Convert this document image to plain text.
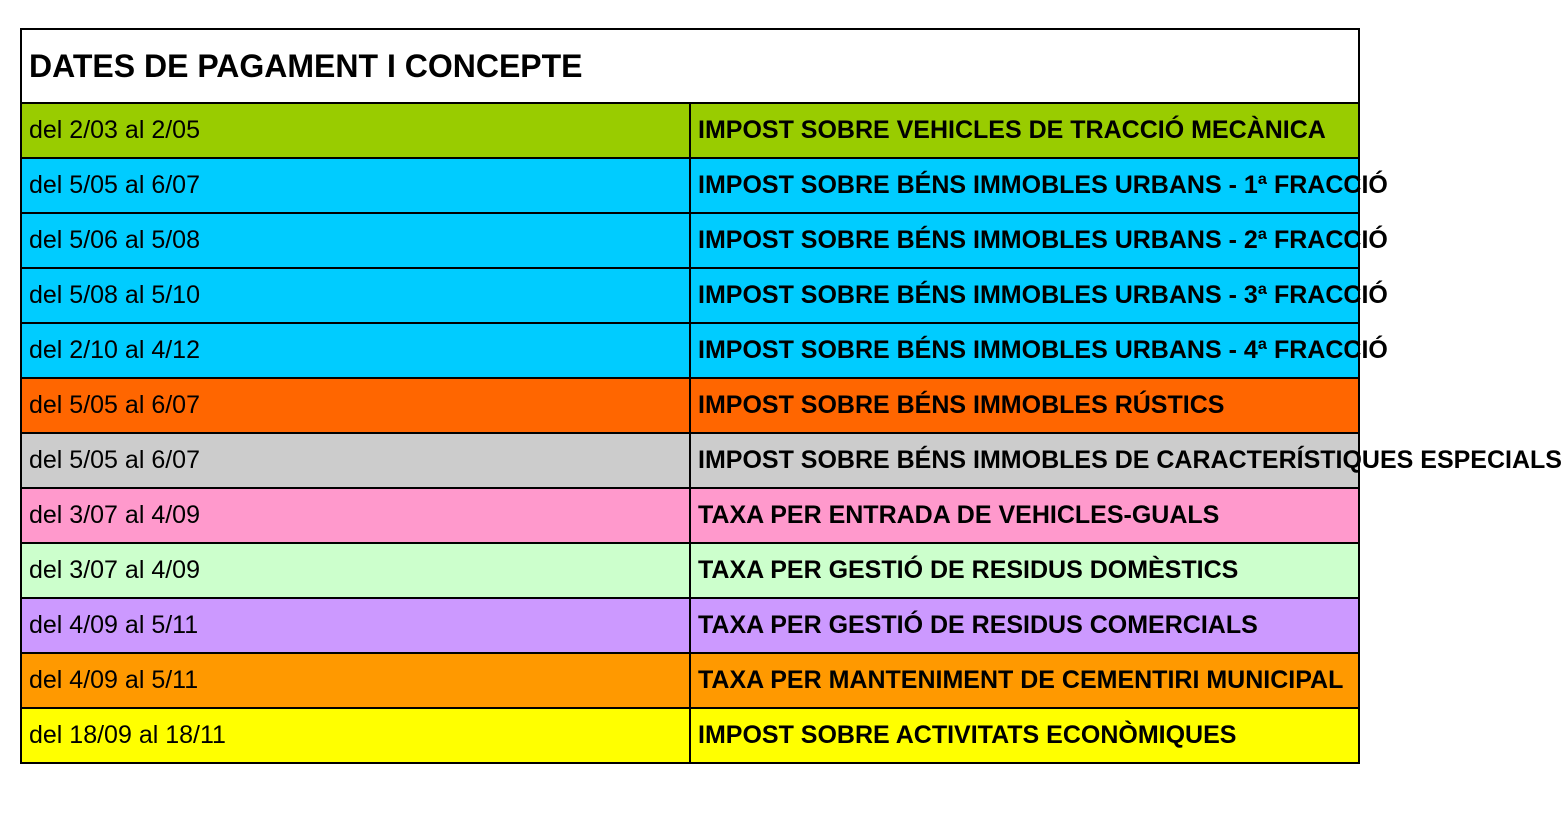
DATES DE PAGAMENT I CONCEPTE	
del 2/03 al 2/05	IMPOST SOBRE VEHICLES DE TRACCIÓ MECÀNICA
del 5/05 al 6/07	IMPOST SOBRE BÉNS IMMOBLES URBANS - 1ª FRACCIÓ
del 5/06 al 5/08	IMPOST SOBRE BÉNS IMMOBLES URBANS - 2ª FRACCIÓ
del 5/08 al 5/10	IMPOST SOBRE BÉNS IMMOBLES URBANS - 3ª FRACCIÓ
del 2/10 al 4/12	IMPOST SOBRE BÉNS IMMOBLES URBANS - 4ª FRACCIÓ
del 5/05 al 6/07	IMPOST SOBRE BÉNS IMMOBLES RÚSTICS
del 5/05 al 6/07	IMPOST SOBRE BÉNS IMMOBLES DE CARACTERÍSTIQUES ESPECIALS
del 3/07 al 4/09	TAXA PER ENTRADA DE VEHICLES-GUALS
del 3/07 al 4/09	TAXA PER GESTIÓ DE RESIDUS DOMÈSTICS
del 4/09 al 5/11	TAXA PER GESTIÓ DE RESIDUS COMERCIALS
del 4/09 al 5/11	TAXA PER MANTENIMENT DE CEMENTIRI MUNICIPAL
del 18/09 al 18/11	IMPOST SOBRE ACTIVITATS ECONÒMIQUES
